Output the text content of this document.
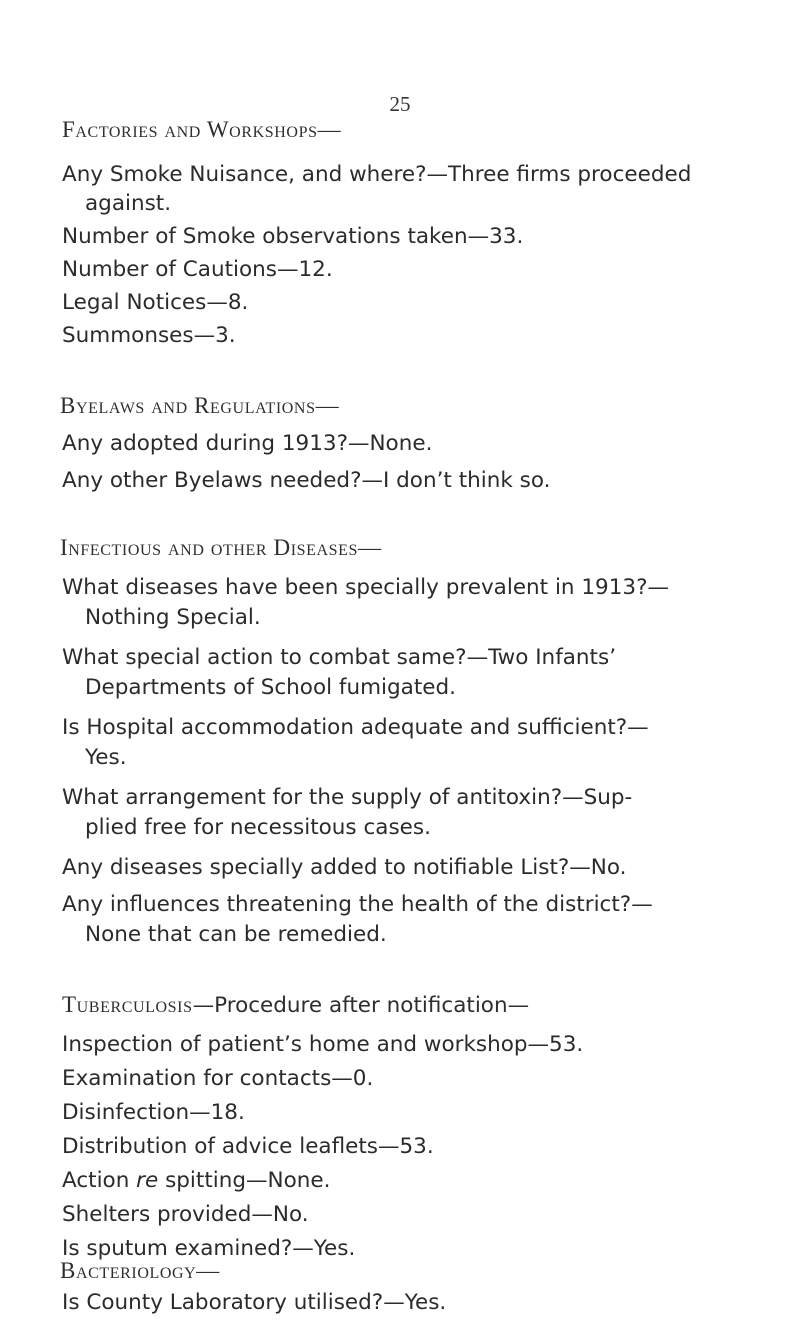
25
Factories and Workshops—
Any Smoke Nuisance, and where?—Three firms proceeded
against.
Number of Smoke observations taken—33.
Number of Cautions—12.
Legal Notices—8.
Summonses—3.
Byelaws and Regulations—
Any adopted during 1913?—None.
Any other Byelaws needed?—I don’t think so.
Infectious and other Diseases—
What diseases have been specially prevalent in 1913?—
Nothing Special.
What special action to combat same?—Two Infants’
Departments of School fumigated.
Is Hospital accommodation adequate and sufficient?—
Yes.
What arrangement for the supply of antitoxin?—Sup-
plied free for necessitous cases.
Any diseases specially added to notifiable List?—No.
Any influences threatening the health of the district?—
None that can be remedied.
Tuberculosis—Procedure after notification—
Inspection of patient’s home and workshop—53.
Examination for contacts—0.
Disinfection—18.
Distribution of advice leaflets—53.
Action re spitting—None.
Shelters provided—No.
Is sputum examined?—Yes.
Bacteriology—
Is County Laboratory utilised?—Yes.
